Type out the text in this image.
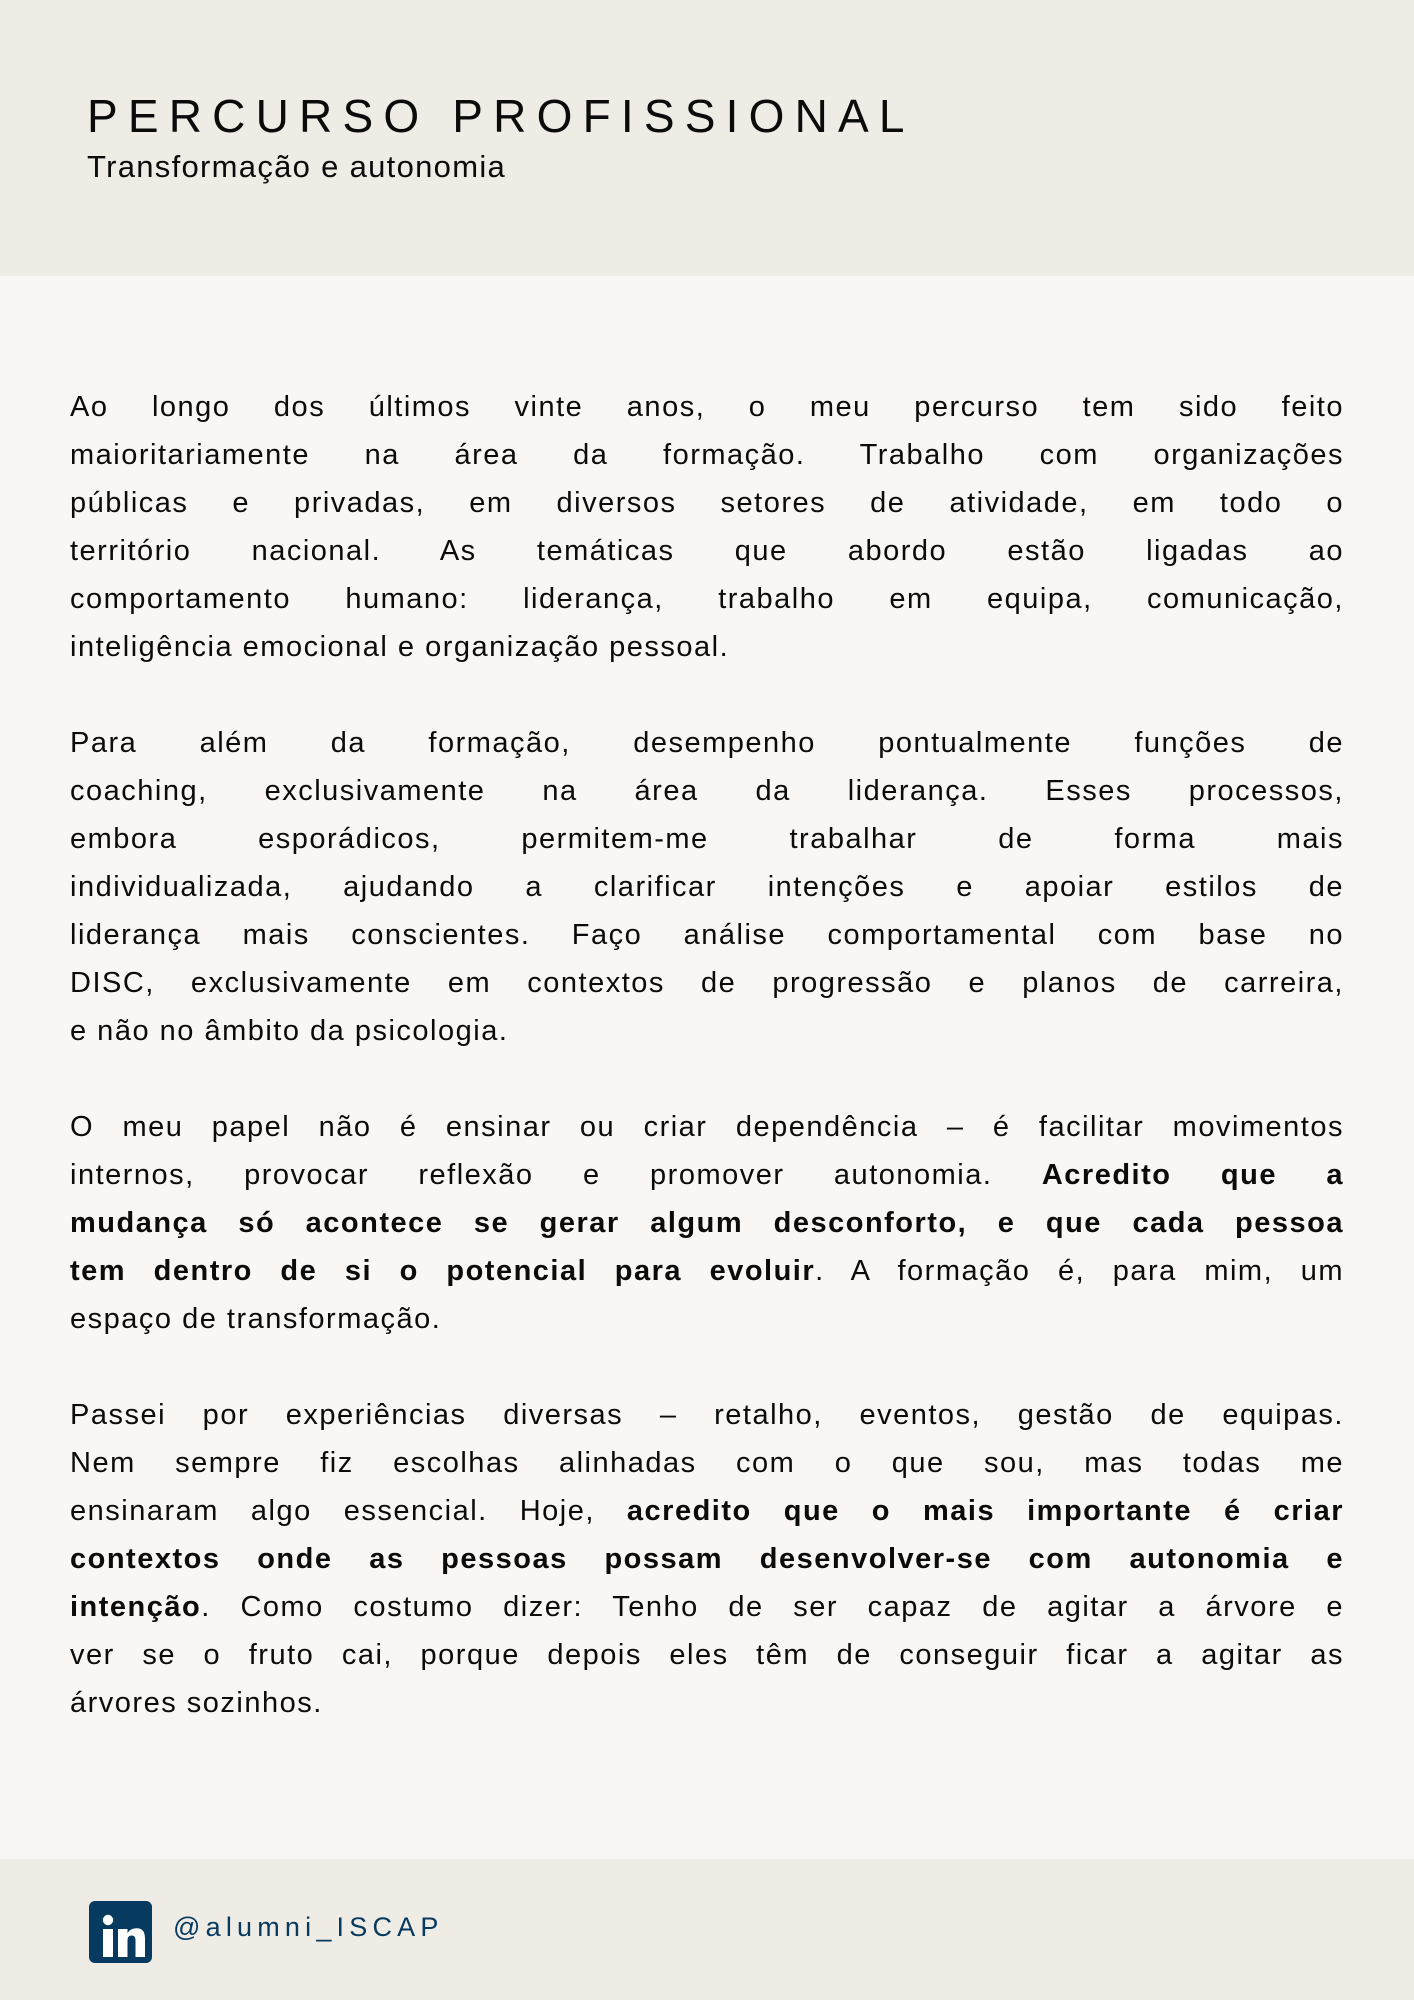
PERCURSO PROFISSIONAL
Transformação e autonomia
Ao longo dos últimos vinte anos, o meu percurso tem sido feito
maioritariamente na área da formação. Trabalho com organizações
públicas e privadas, em diversos setores de atividade, em todo o
território nacional. As temáticas que abordo estão ligadas ao
comportamento humano: liderança, trabalho em equipa, comunicação,
inteligência emocional e organização pessoal.
Para além da formação, desempenho pontualmente funções de
coaching, exclusivamente na área da liderança. Esses processos,
embora esporádicos, permitem-me trabalhar de forma mais
individualizada, ajudando a clarificar intenções e apoiar estilos de
liderança mais conscientes. Faço análise comportamental com base no
DISC, exclusivamente em contextos de progressão e planos de carreira,
e não no âmbito da psicologia.
O meu papel não é ensinar ou criar dependência – é facilitar movimentos
internos, provocar reflexão e promover autonomia. Acredito que a
mudança só acontece se gerar algum desconforto, e que cada pessoa
tem dentro de si o potencial para evoluir. A formação é, para mim, um
espaço de transformação.
Passei por experiências diversas – retalho, eventos, gestão de equipas.
Nem sempre fiz escolhas alinhadas com o que sou, mas todas me
ensinaram algo essencial. Hoje, acredito que o mais importante é criar
contextos onde as pessoas possam desenvolver-se com autonomia e
intenção. Como costumo dizer: Tenho de ser capaz de agitar a árvore e
ver se o fruto cai, porque depois eles têm de conseguir ficar a agitar as
árvores sozinhos.
@alumni_ISCAP
